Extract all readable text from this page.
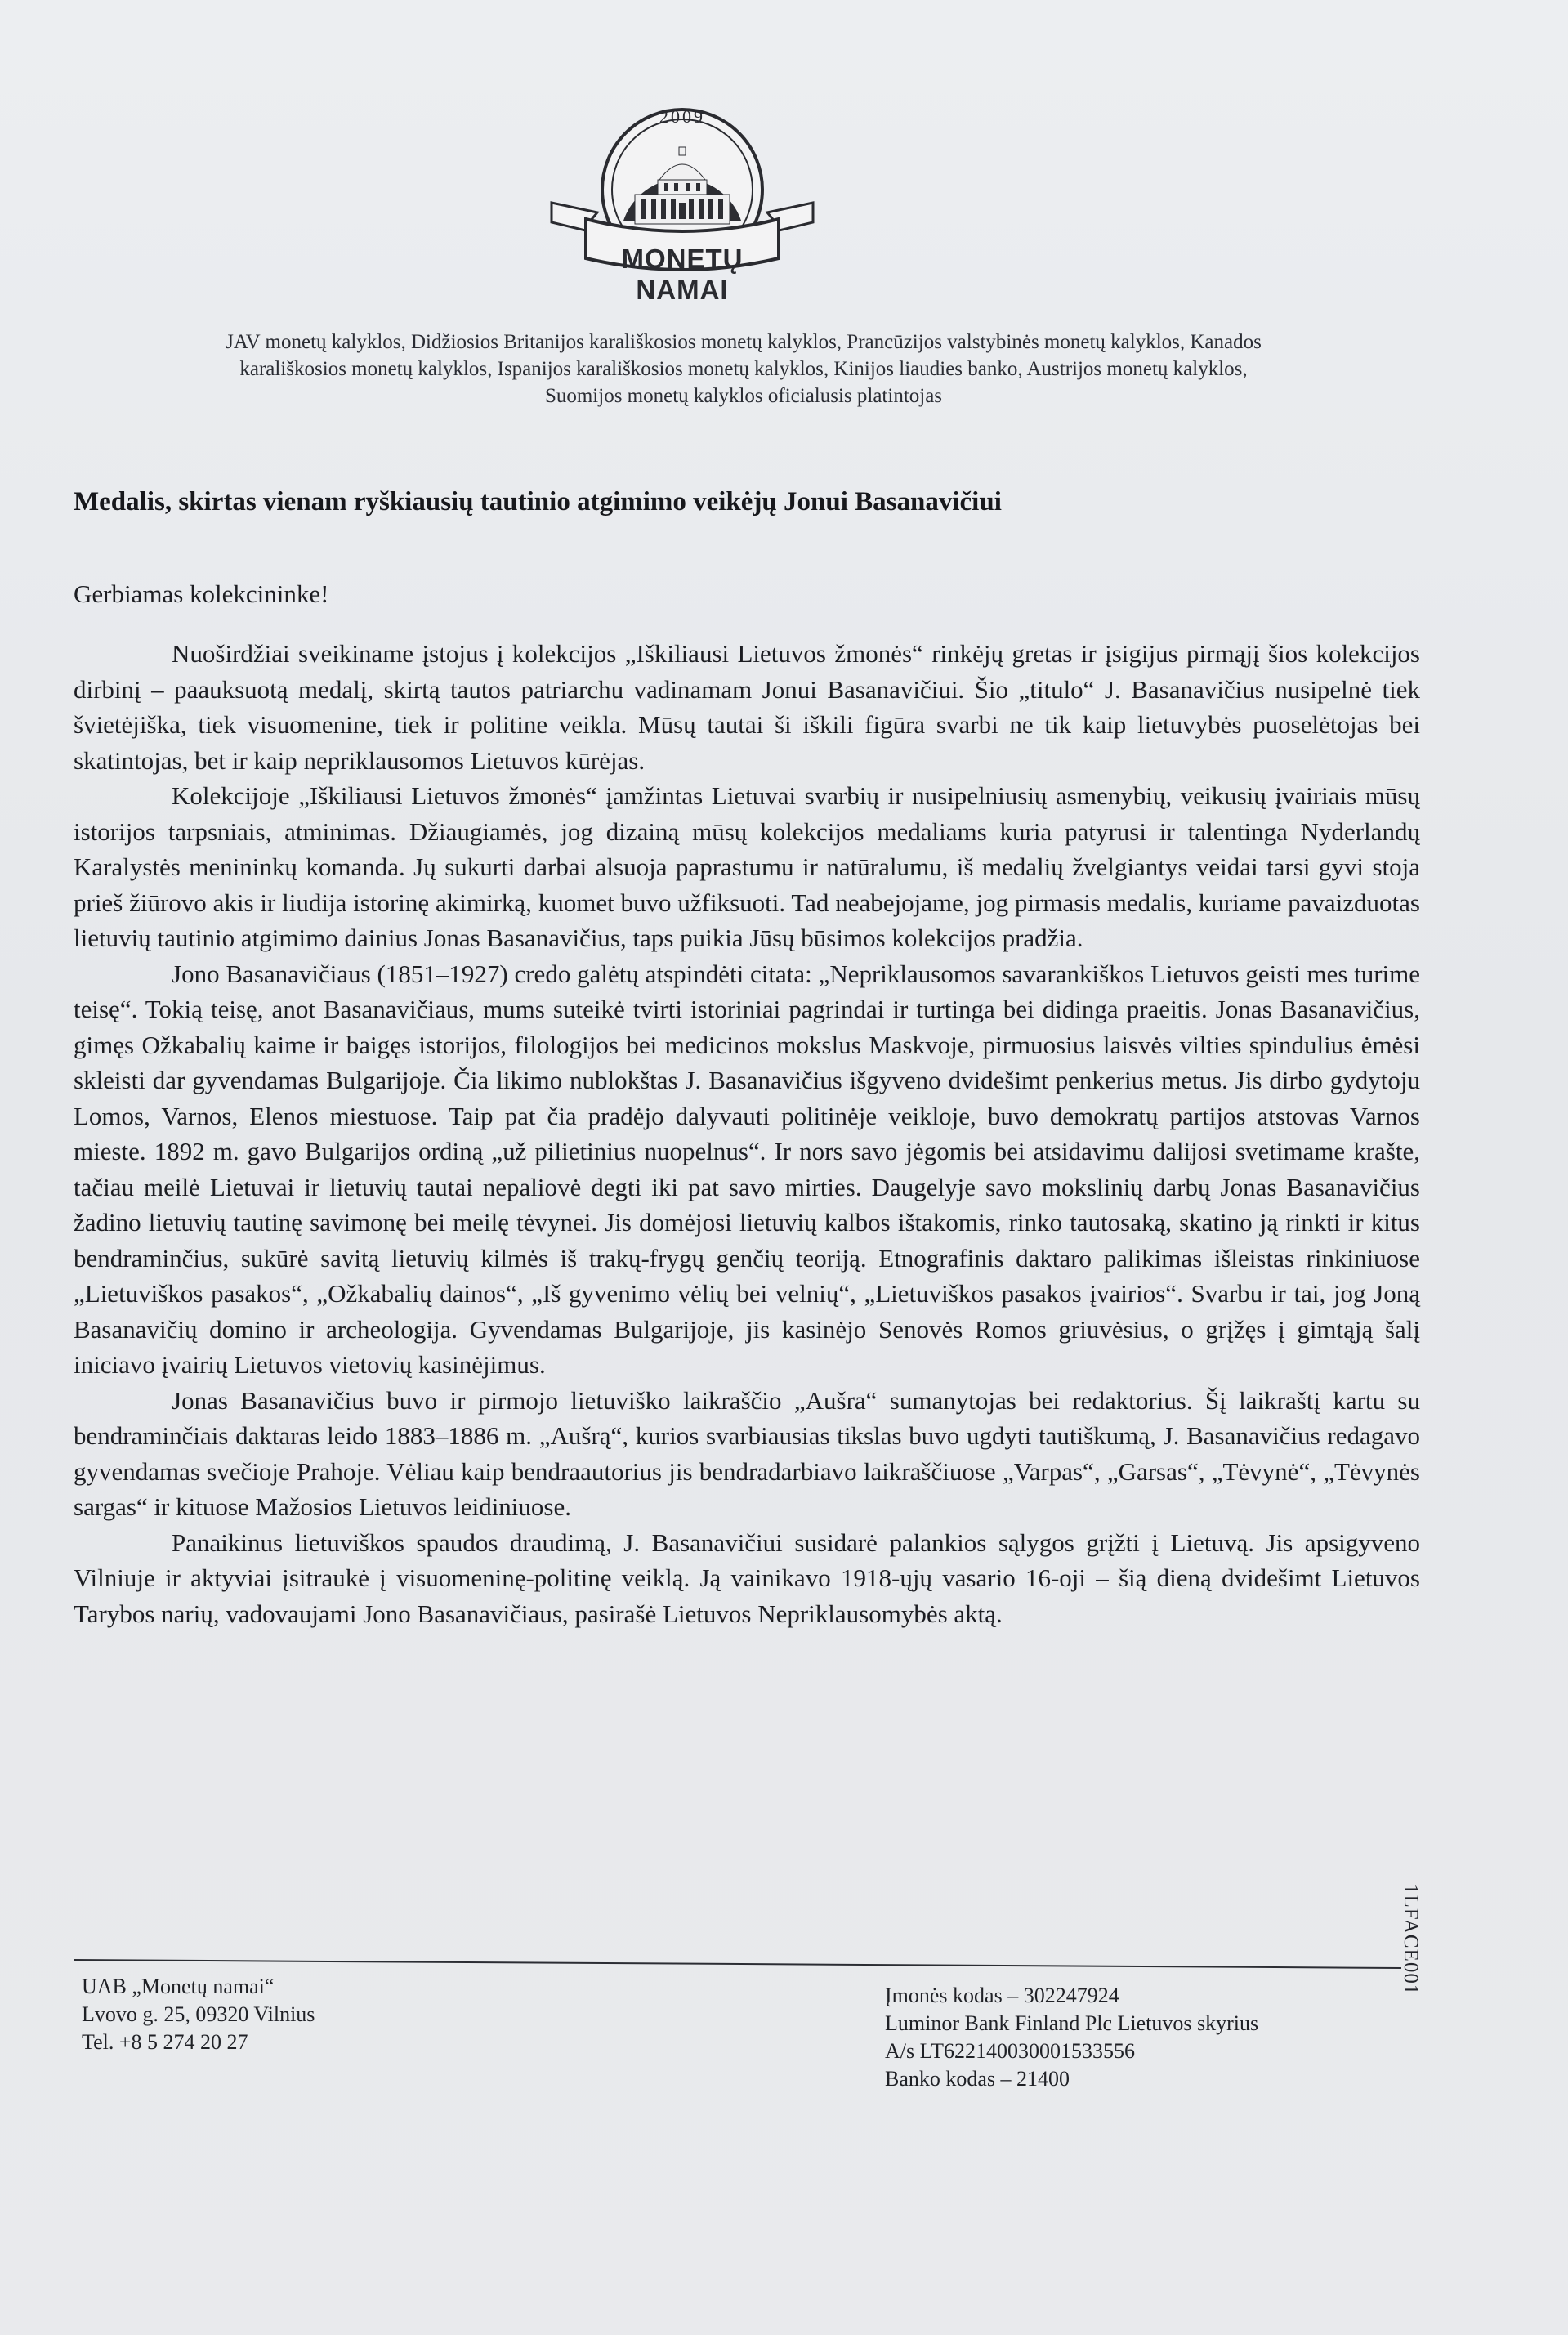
2009
MONETŲ NAMAI

JAV monetų kalyklos, Didžiosios Britanijos karališkosios monetų kalyklos, Prancūzijos valstybinės monetų kalyklos, Kanados

karališkosios monetų kalyklos, Ispanijos karališkosios monetų kalyklos, Kinijos liaudies banko, Austrijos monetų kalyklos,

Suomijos monetų kalyklos oficialusis platintojas

Medalis, skirtas vienam ryškiausių tautinio atgimimo veikėjų Jonui Basanavičiui

Gerbiamas kolekcininke!

Nuoširdžiai sveikiname įstojus į kolekcijos „Iškiliausi Lietuvos žmonės“ rinkėjų gretas ir įsigijus pirmąjį šios kolekcijos dirbinį – paauksuotą medalį, skirtą tautos patriarchu vadinamam Jonui Basanavičiui. Šio „titulo“ J. Basanavičius nusipelnė tiek švietėjiška, tiek visuomenine, tiek ir politine veikla. Mūsų tautai ši iškili figūra svarbi ne tik kaip lietuvybės puoselėtojas bei skatintojas, bet ir kaip nepriklausomos Lietuvos kūrėjas.

Kolekcijoje „Iškiliausi Lietuvos žmonės“ įamžintas Lietuvai svarbių ir nusipelniusių asmenybių, veikusių įvairiais mūsų istorijos tarpsniais, atminimas. Džiaugiamės, jog dizainą mūsų kolekcijos medaliams kuria patyrusi ir talentinga Nyderlandų Karalystės menininkų komanda. Jų sukurti darbai alsuoja paprastumu ir natūralumu, iš medalių žvelgiantys veidai tarsi gyvi stoja prieš žiūrovo akis ir liudija istorinę akimirką, kuomet buvo užfiksuoti. Tad neabejojame, jog pirmasis medalis, kuriame pavaizduotas lietuvių tautinio atgimimo dainius Jonas Basanavičius, taps puikia Jūsų būsimos kolekcijos pradžia.

Jono Basanavičiaus (1851–1927) credo galėtų atspindėti citata: „Nepriklausomos savarankiškos Lietuvos geisti mes turime teisę“. Tokią teisę, anot Basanavičiaus, mums suteikė tvirti istoriniai pagrindai ir turtinga bei didinga praeitis. Jonas Basanavičius, gimęs Ožkabalių kaime ir baigęs istorijos, filologijos bei medicinos mokslus Maskvoje, pirmuosius laisvės vilties spindulius ėmėsi skleisti dar gyvendamas Bulgarijoje. Čia likimo nublokštas J. Basanavičius išgyveno dvidešimt penkerius metus. Jis dirbo gydytoju Lomos, Varnos, Elenos miestuose. Taip pat čia pradėjo dalyvauti politinėje veikloje, buvo demokratų partijos atstovas Varnos mieste. 1892 m. gavo Bulgarijos ordiną „už pilietinius nuopelnus“. Ir nors savo jėgomis bei atsidavimu dalijosi svetimame krašte, tačiau meilė Lietuvai ir lietuvių tautai nepaliovė degti iki pat savo mirties. Daugelyje savo mokslinių darbų Jonas Basanavičius žadino lietuvių tautinę savimonę bei meilę tėvynei. Jis domėjosi lietuvių kalbos ištakomis, rinko tautosaką, skatino ją rinkti ir kitus bendraminčius, sukūrė savitą lietuvių kilmės iš trakų-frygų genčių teoriją. Etnografinis daktaro palikimas išleistas rinkiniuose „Lietuviškos pasakos“, „Ožkabalių dainos“, „Iš gyvenimo vėlių bei velnių“, „Lietuviškos pasakos įvairios“. Svarbu ir tai, jog Joną Basanavičių domino ir archeologija. Gyvendamas Bulgarijoje, jis kasinėjo Senovės Romos griuvėsius, o grįžęs į gimtąją šalį iniciavo įvairių Lietuvos vietovių kasinėjimus.

Jonas Basanavičius buvo ir pirmojo lietuviško laikraščio „Aušra“ sumanytojas bei redaktorius. Šį laikraštį kartu su bendraminčiais daktaras leido 1883–1886 m. „Aušrą“, kurios svarbiausias tikslas buvo ugdyti tautiškumą, J. Basanavičius redagavo gyvendamas svečioje Prahoje. Vėliau kaip bendraautorius jis bendradarbiavo laikraščiuose „Varpas“, „Garsas“, „Tėvynė“, „Tėvynės sargas“ ir kituose Mažosios Lietuvos leidiniuose.

Panaikinus lietuviškos spaudos draudimą, J. Basanavičiui susidarė palankios sąlygos grįžti į Lietuvą. Jis apsigyveno Vilniuje ir aktyviai įsitraukė į visuomeninę-politinę veiklą. Ją vainikavo 1918-ųjų vasario 16-oji – šią dieną dvidešimt Lietuvos Tarybos narių, vadovaujami Jono Basanavičiaus, pasirašė Lietuvos Nepriklausomybės aktą.

1LFACE001
UAB „Monetų namai“
Lvovo g. 25, 09320 Vilnius
Tel. +8 5 274 20 27
Įmonės kodas – 302247924
Luminor Bank Finland Plc Lietuvos skyrius
A/s LT622140030001533556
Banko kodas – 21400
